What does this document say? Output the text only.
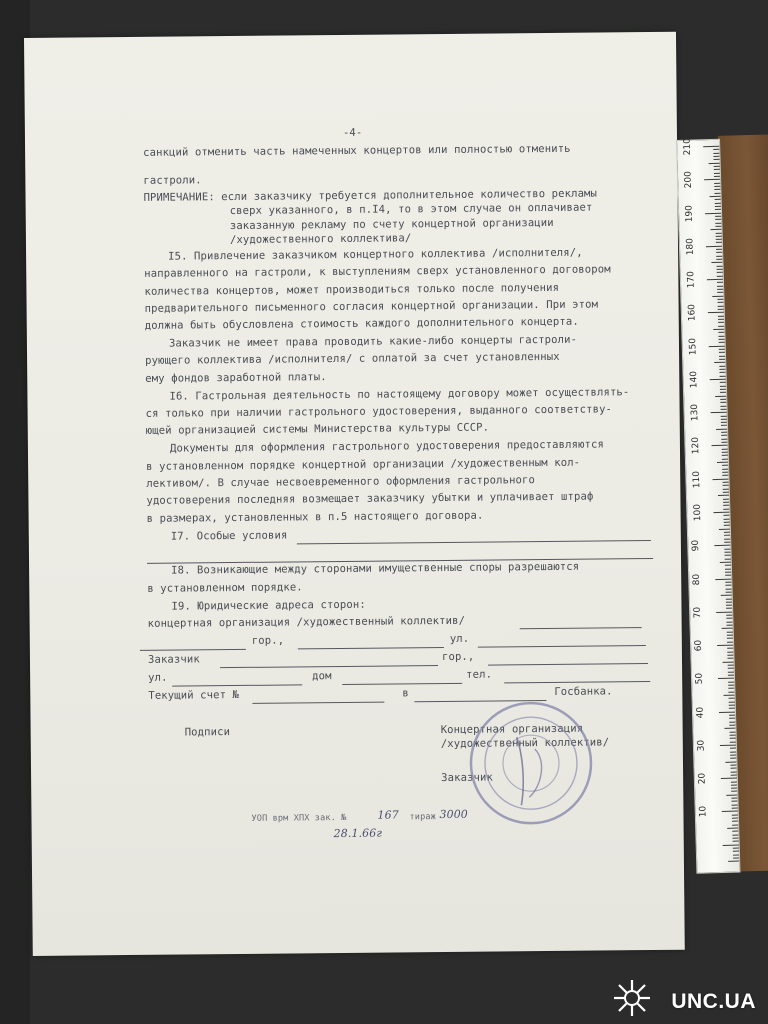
-4-
санкций отменить часть намеченных концертов или полностью отменить
гастроли.
ПРИМЕЧАНИЕ: если заказчику требуется дополнительное количество рекламы
сверх указанного, в п.I4, то в этом случае он оплачивает
заказанную рекламу по счету концертной организации
/художественного коллектива/
I5. Привлечение заказчиком концертного коллектива /исполнителя/,
направленного на гастроли, к выступлениям сверх установленного договором
количества концертов, может производиться только после получения
предварительного письменного согласия концертной организации. При этом
должна быть обусловлена стоимость каждого дополнительного концерта.
Заказчик не имеет права проводить какие-либо концерты гастроли-
рующего коллектива /исполнителя/ с оплатой за счет установленных
ему фондов заработной платы.
I6. Гастрольная деятельность по настоящему договору может осуществлять-
ся только при наличии гастрольного удостоверения, выданного соответству-
ющей организацией системы Министерства культуры СССР.
Документы для оформления гастрольного удостоверения предоставляются
в установленном порядке концертной организации /художественным кол-
лективом/. В случае несвоевременного оформления гастрольного
удостоверения последняя возмещает заказчику убытки и уплачивает штраф
в размерах, установленных в п.5 настоящего договора.
I7. Особые условия
I8. Возникающие между сторонами имущественные споры разрешаются
в установленном порядке.
I9. Юридические адреса сторон:
концертная организация /художественный коллектив/
гор.,	ул.
Заказчик	гор.,
ул.	дом	тел.
Текущий счет №	в	Госбанка.
Подписи	Концертная организация
/художественный коллектив/
Заказчик
УОП врм ХПХ зак. №	167 тираж 3000
28.1.66г
210
200
190
180
170
160
150
140
130
120
110
100
90
80
70
60
50
40
30
20
10
UNC.UA
